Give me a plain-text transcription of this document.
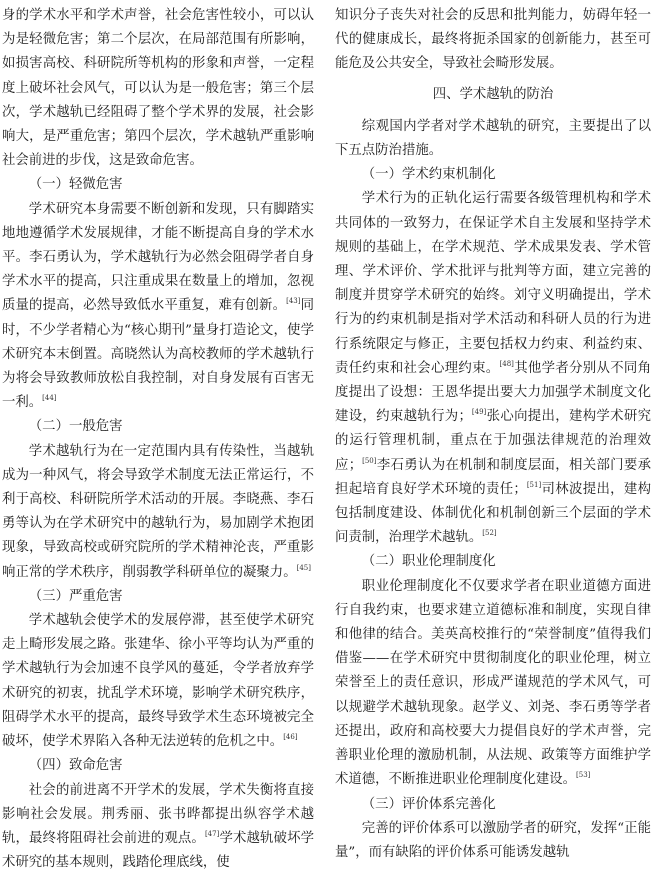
身的学术水平和学术声誉，社会危害性较小，可以认为是轻微危害；第二个层次，在局部范围有所影响，如损害高校、科研院所等机构的形象和声誉，一定程度上破坏社会风气，可以认为是一般危害；第三个层次，学术越轨已经阻碍了整个学术界的发展，社会影响大，是严重危害；第四个层次，学术越轨严重影响社会前进的步伐，这是致命危害。

（一）轻微危害

学术研究本身需要不断创新和发现，只有脚踏实地地遵循学术发展规律，才能不断提高自身的学术水平。李石勇认为，学术越轨行为必然会阻碍学者自身学术水平的提高，只注重成果在数量上的增加，忽视质量的提高，必然导致低水平重复，难有创新。[43]同时，不少学者精心为“核心期刊”量身打造论文，使学术研究本末倒置。高晓然认为高校教师的学术越轨行为将会导致教师放松自我控制，对自身发展有百害无一利。[44]

（二）一般危害

学术越轨行为在一定范围内具有传染性，当越轨成为一种风气，将会导致学术制度无法正常运行，不利于高校、科研院所学术活动的开展。李晓燕、李石勇等认为在学术研究中的越轨行为，易加剧学术抱团现象，导致高校或研究院所的学术精神沦丧，严重影响正常的学术秩序，削弱教学科研单位的凝聚力。[45]

（三）严重危害

学术越轨会使学术的发展停滞，甚至使学术研究走上畸形发展之路。张建华、徐小平等均认为严重的学术越轨行为会加速不良学风的蔓延，令学者放弃学术研究的初衷，扰乱学术环境，影响学术研究秩序，阻碍学术水平的提高，最终导致学术生态环境被完全破坏，使学术界陷入各种无法逆转的危机之中。[46]

（四）致命危害

社会的前进离不开学术的发展，学术失衡将直接影响社会发展。荆秀丽、张书晔都提出纵容学术越轨，最终将阻碍社会前进的观点。[47]学术越轨破坏学术研究的基本规则，践踏伦理底线，使

知识分子丧失对社会的反思和批判能力，妨碍年轻一代的健康成长，最终将扼杀国家的创新能力，甚至可能危及公共安全，导致社会畸形发展。

四、学术越轨的防治

综观国内学者对学术越轨的研究，主要提出了以下五点防治措施。

（一）学术约束机制化

学术行为的正轨化运行需要各级管理机构和学术共同体的一致努力，在保证学术自主发展和坚持学术规则的基础上，在学术规范、学术成果发表、学术管理、学术评价、学术批评与批判等方面，建立完善的制度并贯穿学术研究的始终。刘守义明确提出，学术行为的约束机制是指对学术活动和科研人员的行为进行系统限定与修正，主要包括权力约束、利益约束、责任约束和社会心理约束。[48]其他学者分别从不同角度提出了设想：王恩华提出要大力加强学术制度文化建设，约束越轨行为；[49]张心向提出，建构学术研究的运行管理机制，重点在于加强法律规范的治理效应；[50]李石勇认为在机制和制度层面，相关部门要承担起培育良好学术环境的责任；[51]司林波提出，建构包括制度建设、体制优化和机制创新三个层面的学术问责制，治理学术越轨。[52]

（二）职业伦理制度化

职业伦理制度化不仅要求学者在职业道德方面进行自我约束，也要求建立道德标准和制度，实现自律和他律的结合。美英高校推行的“荣誉制度”值得我们借鉴——在学术研究中贯彻制度化的职业伦理，树立荣誉至上的责任意识，形成严谨规范的学术风气，可以规避学术越轨现象。赵学义、刘尧、李石勇等学者还提出，政府和高校要大力提倡良好的学术声誉，完善职业伦理的激励机制，从法规、政策等方面维护学术道德，不断推进职业伦理制度化建设。[53]

（三）评价体系完善化

完善的评价体系可以激励学者的研究，发挥“正能量”，而有缺陷的评价体系可能诱发越轨
